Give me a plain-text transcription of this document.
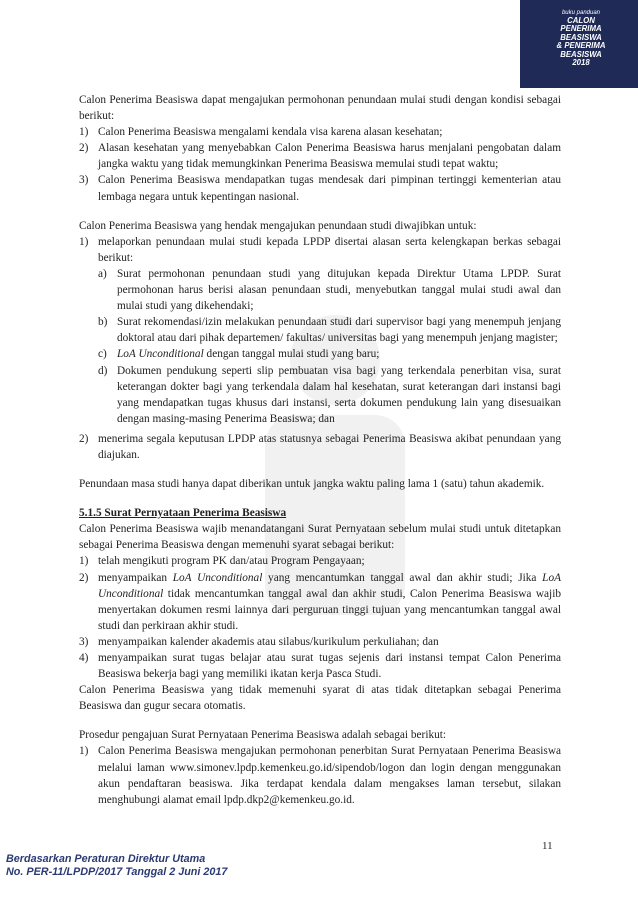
buku panduan
CALON
PENERIMA
BEASISWA
& PENERIMA
BEASISWA
2018

Calon Penerima Beasiswa dapat mengajukan permohonan penundaan mulai studi dengan kondisi sebagai berikut:

1) Calon Penerima Beasiswa mengalami kendala visa karena alasan kesehatan;
2) Alasan kesehatan yang menyebabkan Calon Penerima Beasiswa harus menjalani pengobatan dalam jangka waktu yang tidak memungkinkan Penerima Beasiswa memulai studi tepat waktu;
3) Calon Penerima Beasiswa mendapatkan tugas mendesak dari pimpinan tertinggi kementerian atau lembaga negara untuk kepentingan nasional.

Calon Penerima Beasiswa yang hendak mengajukan penundaan studi diwajibkan untuk:

1) melaporkan penundaan mulai studi kepada LPDP disertai alasan serta kelengkapan berkas sebagai berikut:
a) Surat permohonan penundaan studi yang ditujukan kepada Direktur Utama LPDP. Surat permohonan harus berisi alasan penundaan studi, menyebutkan tanggal mulai studi awal dan mulai studi yang dikehendaki;
b) Surat rekomendasi/izin melakukan penundaan studi dari supervisor bagi yang menempuh jenjang doktoral atau dari pihak departemen/ fakultas/ universitas bagi yang menempuh jenjang magister;
c) LoA Unconditional dengan tanggal mulai studi yang baru;
d) Dokumen pendukung seperti slip pembuatan visa bagi yang terkendala penerbitan visa, surat keterangan dokter bagi yang terkendala dalam hal kesehatan, surat keterangan dari instansi bagi yang mendapatkan tugas khusus dari instansi, serta dokumen pendukung lain yang disesuaikan dengan masing-masing Penerima Beasiswa; dan
2) menerima segala keputusan LPDP atas statusnya sebagai Penerima Beasiswa akibat penundaan yang diajukan.

Penundaan masa studi hanya dapat diberikan untuk jangka waktu paling lama 1 (satu) tahun akademik.

5.1.5 Surat Pernyataan Penerima Beasiswa

Calon Penerima Beasiswa wajib menandatangani Surat Pernyataan sebelum mulai studi untuk ditetapkan sebagai Penerima Beasiswa dengan memenuhi syarat sebagai berikut:

1) telah mengikuti program PK dan/atau Program Pengayaan;
2) menyampaikan LoA Unconditional yang mencantumkan tanggal awal dan akhir studi; Jika LoA Unconditional tidak mencantumkan tanggal awal dan akhir studi, Calon Penerima Beasiswa wajib menyertakan dokumen resmi lainnya dari perguruan tinggi tujuan yang mencantumkan tanggal awal studi dan perkiraan akhir studi.
3) menyampaikan kalender akademis atau silabus/kurikulum perkuliahan; dan
4) menyampaikan surat tugas belajar atau surat tugas sejenis dari instansi tempat Calon Penerima Beasiswa bekerja bagi yang memiliki ikatan kerja Pasca Studi.

Calon Penerima Beasiswa yang tidak memenuhi syarat di atas tidak ditetapkan sebagai Penerima Beasiswa dan gugur secara otomatis.

Prosedur pengajuan Surat Pernyataan Penerima Beasiswa adalah sebagai berikut:

1) Calon Penerima Beasiswa mengajukan permohonan penerbitan Surat Pernyataan Penerima Beasiswa melalui laman www.simonev.lpdp.kemenkeu.go.id/sipendob/logon dan login dengan menggunakan akun pendaftaran beasiswa. Jika terdapat kendala dalam mengakses laman tersebut, silakan menghubungi alamat email lpdp.dkp2@kemenkeu.go.id.
11
Berdasarkan Peraturan Direktur Utama
No. PER-11/LPDP/2017 Tanggal 2 Juni 2017
